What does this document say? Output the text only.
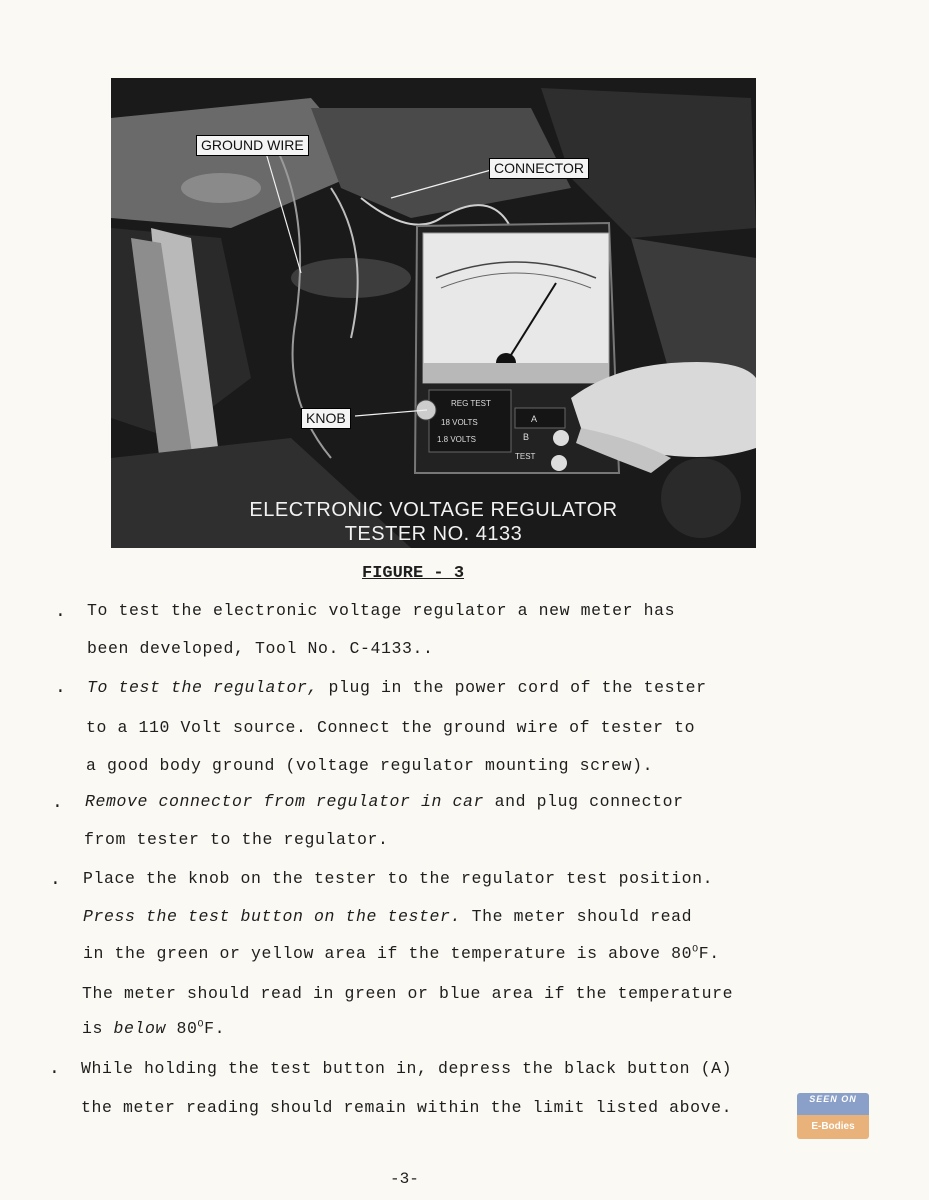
REG TEST
18 VOLTS
1.8 VOLTS
A
B
TEST
GROUND WIRE
CONNECTOR
KNOB
ELECTRONIC VOLTAGE REGULATOR
TESTER NO. 4133
FIGURE - 3
. To test the electronic voltage regulator a new meter has
been developed, Tool No. C-4133..
. To test the regulator, plug in the power cord of the tester
to a 110 Volt source. Connect the ground wire of tester to
a good body ground (voltage regulator mounting screw).
. Remove connector from regulator in car and plug connector
from tester to the regulator.
. Place the knob on the tester to the regulator test position.
Press the test button on the tester. The meter should read
in the green or yellow area if the temperature is above $80^OF$.
The meter should read in green or blue area if the temperature
is below $80^OF$.
. While holding the test button in, depress the black button (A)
the meter reading should remain within the limit listed above.
-3-
SEEN ON
E-Bodies
